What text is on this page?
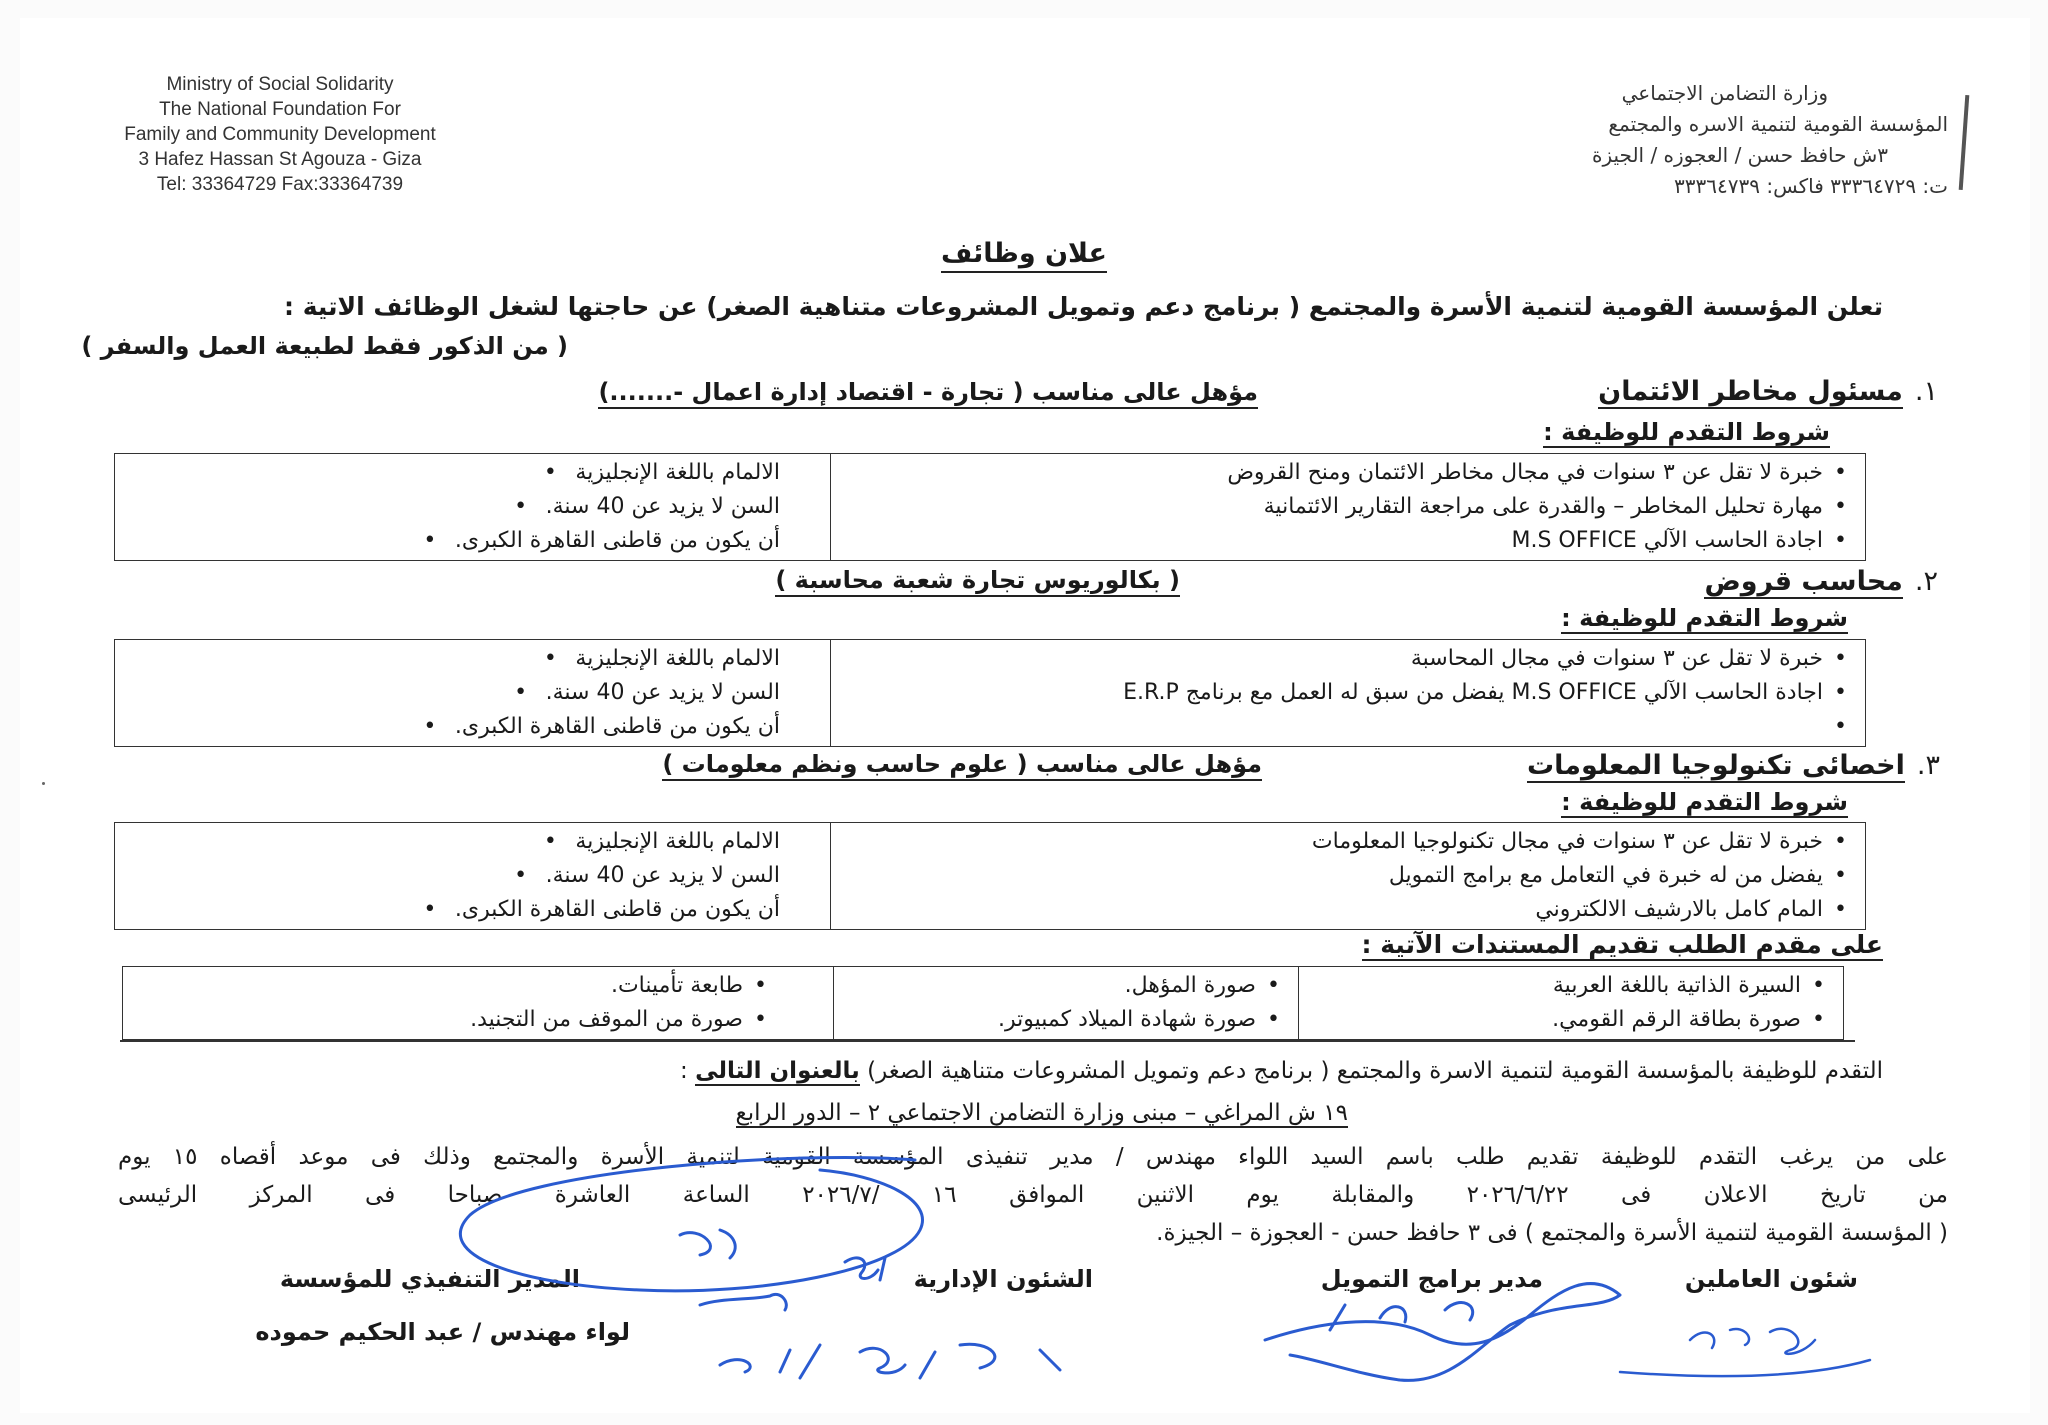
Ministry of Social Solidarity
The National Foundation For
Family and Community Development
3 Hafez Hassan St Agouza - Giza
Tel: 33364729 Fax:33364739
وزارة التضامن الاجتماعي
المؤسسة القومية لتنمية الاسره والمجتمع
٣ش حافظ حسن / العجوزه / الجيزة
ت: ٣٣٣٦٤٧٢٩ فاكس: ٣٣٣٦٤٧٣٩
علان وظائف
تعلن المؤسسة القومية لتنمية الأسرة والمجتمع ( برنامج دعم وتمويل المشروعات متناهية الصغر) عن حاجتها لشغل الوظائف الاتية :
( من الذكور فقط لطبيعة العمل والسفر )
١.مسئول مخاطر الائتمان
مؤهل عالى مناسب ( تجارة - اقتصاد إدارة اعمال -.......)
شروط التقدم للوظيفة :
• خبرة لا تقل عن ٣ سنوات في مجال مخاطر الائتمان ومنح القروض
• مهارة تحليل المخاطر – والقدرة على مراجعة التقارير الائتمانية
• اجادة الحاسب الآلي M.S OFFICE

الالمام باللغة الإنجليزية•
السن لا يزيد عن 40 سنة.•
أن يكون من قاطنى القاهرة الكبرى.•
٢.محاسب قروض
( بكالوريوس تجارة شعبة محاسبة )
شروط التقدم للوظيفة :
• خبرة لا تقل عن ٣ سنوات في مجال المحاسبة
• اجادة الحاسب الآلي M.S OFFICE يفضل من سبق له العمل مع برنامج E.R.P
•

الالمام باللغة الإنجليزية•
السن لا يزيد عن 40 سنة.•
أن يكون من قاطنى القاهرة الكبرى.•
٣.اخصائى تكنولوجيا المعلومات
مؤهل عالى مناسب ( علوم حاسب ونظم معلومات )
شروط التقدم للوظيفة :
• خبرة لا تقل عن ٣ سنوات في مجال تكنولوجيا المعلومات
• يفضل من له خبرة في التعامل مع برامج التمويل
• المام كامل بالارشيف الالكتروني

الالمام باللغة الإنجليزية•
السن لا يزيد عن 40 سنة.•
أن يكون من قاطنى القاهرة الكبرى.•
على مقدم الطلب تقديم المستندات الآتية :
• السيرة الذاتية باللغة العربية
• صورة بطاقة الرقم القومي.

• صورة المؤهل.
• صورة شهادة الميلاد كمبيوتر.

• طابعة تأمينات.
• صورة من الموقف من التجنيد.
التقدم للوظيفة بالمؤسسة القومية لتنمية الاسرة والمجتمع ( برنامج دعم وتمويل المشروعات متناهية الصغر) بالعنوان التالى :
١٩ ش المراغي – مبنى وزارة التضامن الاجتماعي ٢ – الدور الرابع
على من يرغب التقدم للوظيفة تقديم طلب باسم السيد اللواء مهندس / مدير تنفيذى المؤسسة القومية لتنمية الأسرة والمجتمع وذلك فى موعد أقصاه ١٥ يوم
من تاريخ الاعلان فى ٢٠٢٦/٦/٢٢ والمقابلة يوم الاثنين الموافق ١٦ /٢٠٢٦/٧ الساعة العاشرة صباحا فى المركز الرئيسى
( المؤسسة القومية لتنمية الأسرة والمجتمع ) فى ٣ حافظ حسن - العجوزة – الجيزة.
شئون العاملين
مدير برامج التمويل
الشئون الإدارية
المدير التنفيذي للمؤسسة
لواء مهندس / عبد الحكيم حموده
